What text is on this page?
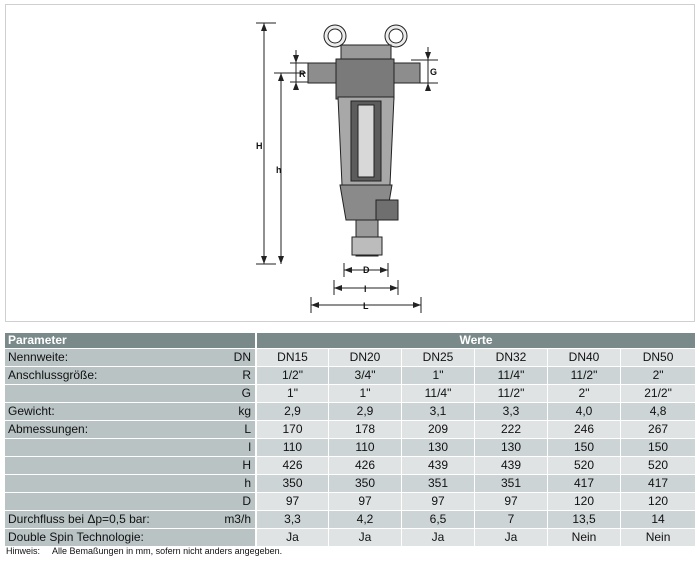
H
h
R	G
D
l
L
Parameter		Werte					
Nennweite:	DN	DN15	DN20	DN25	DN32	DN40	DN50
Anschlussgröße:	R	1/2"	3/4"	1"	11/4"	11/2"	2"
	G	1"	1"	11/4"	11/2"	2"	21/2"
Gewicht:	kg	2,9	2,9	3,1	3,3	4,0	4,8
Abmessungen:	L	170	178	209	222	246	267
	l	110	110	130	130	150	150
	H	426	426	439	439	520	520
	h	350	350	351	351	417	417
	D	97	97	97	97	120	120
Durchfluss bei Δp=0,5 bar:	m3/h	3,3	4,2	6,5	7	13,5	14
Double Spin Technologie:		Ja	Ja	Ja	Ja	Nein	Nein
Hinweis: Alle Bemaßungen in mm, sofern nicht anders angegeben.
